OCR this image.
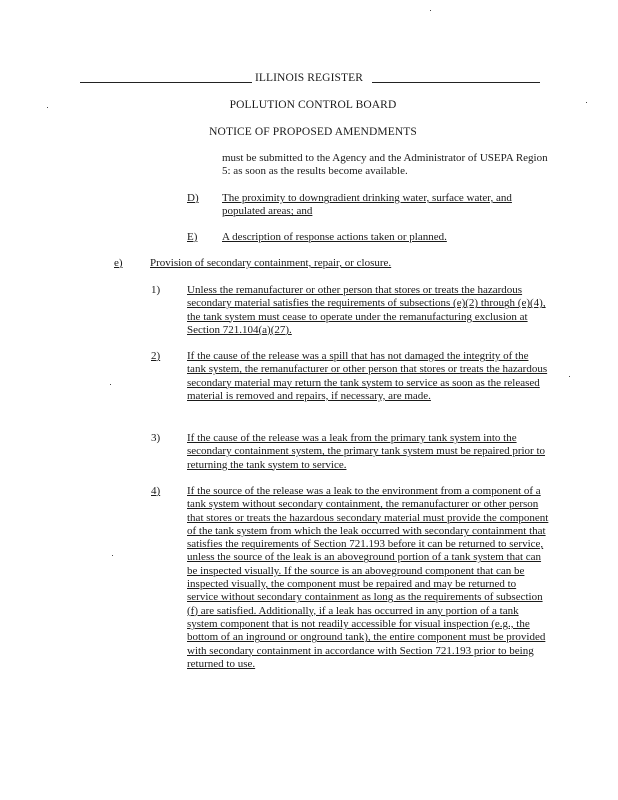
ILLINOIS REGISTER
POLLUTION CONTROL BOARD
NOTICE OF PROPOSED AMENDMENTS
must be submitted to the Agency and the Administrator of USEPA Region 5: as soon as the results become available.
D) The proximity to downgradient drinking water, surface water, and populated areas; and
E) A description of response actions taken or planned.
e) Provision of secondary containment, repair, or closure.
1) Unless the remanufacturer or other person that stores or treats the hazardous secondary material satisfies the requirements of subsections (e)(2) through (e)(4), the tank system must cease to operate under the remanufacturing exclusion at Section 721.104(a)(27).
2) If the cause of the release was a spill that has not damaged the integrity of the tank system, the remanufacturer or other person that stores or treats the hazardous secondary material may return the tank system to service as soon as the released material is removed and repairs, if necessary, are made.
3) If the cause of the release was a leak from the primary tank system into the secondary containment system, the primary tank system must be repaired prior to returning the tank system to service.
4) If the source of the release was a leak to the environment from a component of a tank system without secondary containment, the remanufacturer or other person that stores or treats the hazardous secondary material must provide the component of the tank system from which the leak occurred with secondary containment that satisfies the requirements of Section 721.193 before it can be returned to service, unless the source of the leak is an aboveground portion of a tank system that can be inspected visually. If the source is an aboveground component that can be inspected visually, the component must be repaired and may be returned to service without secondary containment as long as the requirements of subsection (f) are satisfied. Additionally, if a leak has occurred in any portion of a tank system component that is not readily accessible for visual inspection (e.g., the bottom of an inground or onground tank), the entire component must be provided with secondary containment in accordance with Section 721.193 prior to being returned to use.
